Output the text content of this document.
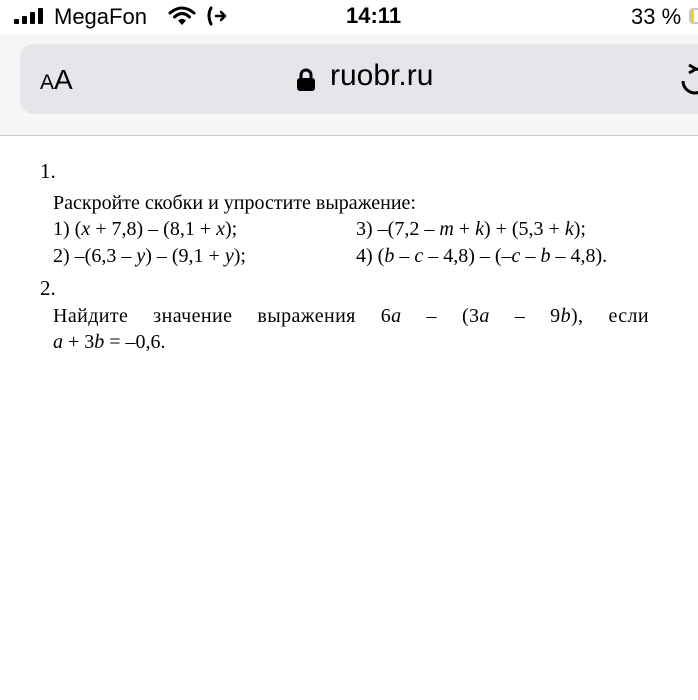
MegaFon	14:11	33 %
AA	ruobr.ru
1.
Раскройте скобки и упростите выражение:
1) (x + 7,8) – (8,1 + x);	3) –(7,2 – m + k) + (5,3 + k);
2) –(6,3 – y) – (9,1 + y);	4) (b – c – 4,8) – (–c – b – 4,8).
2.
Найдите значение выражения 6a – (3a – 9b), если
a + 3b = –0,6.
